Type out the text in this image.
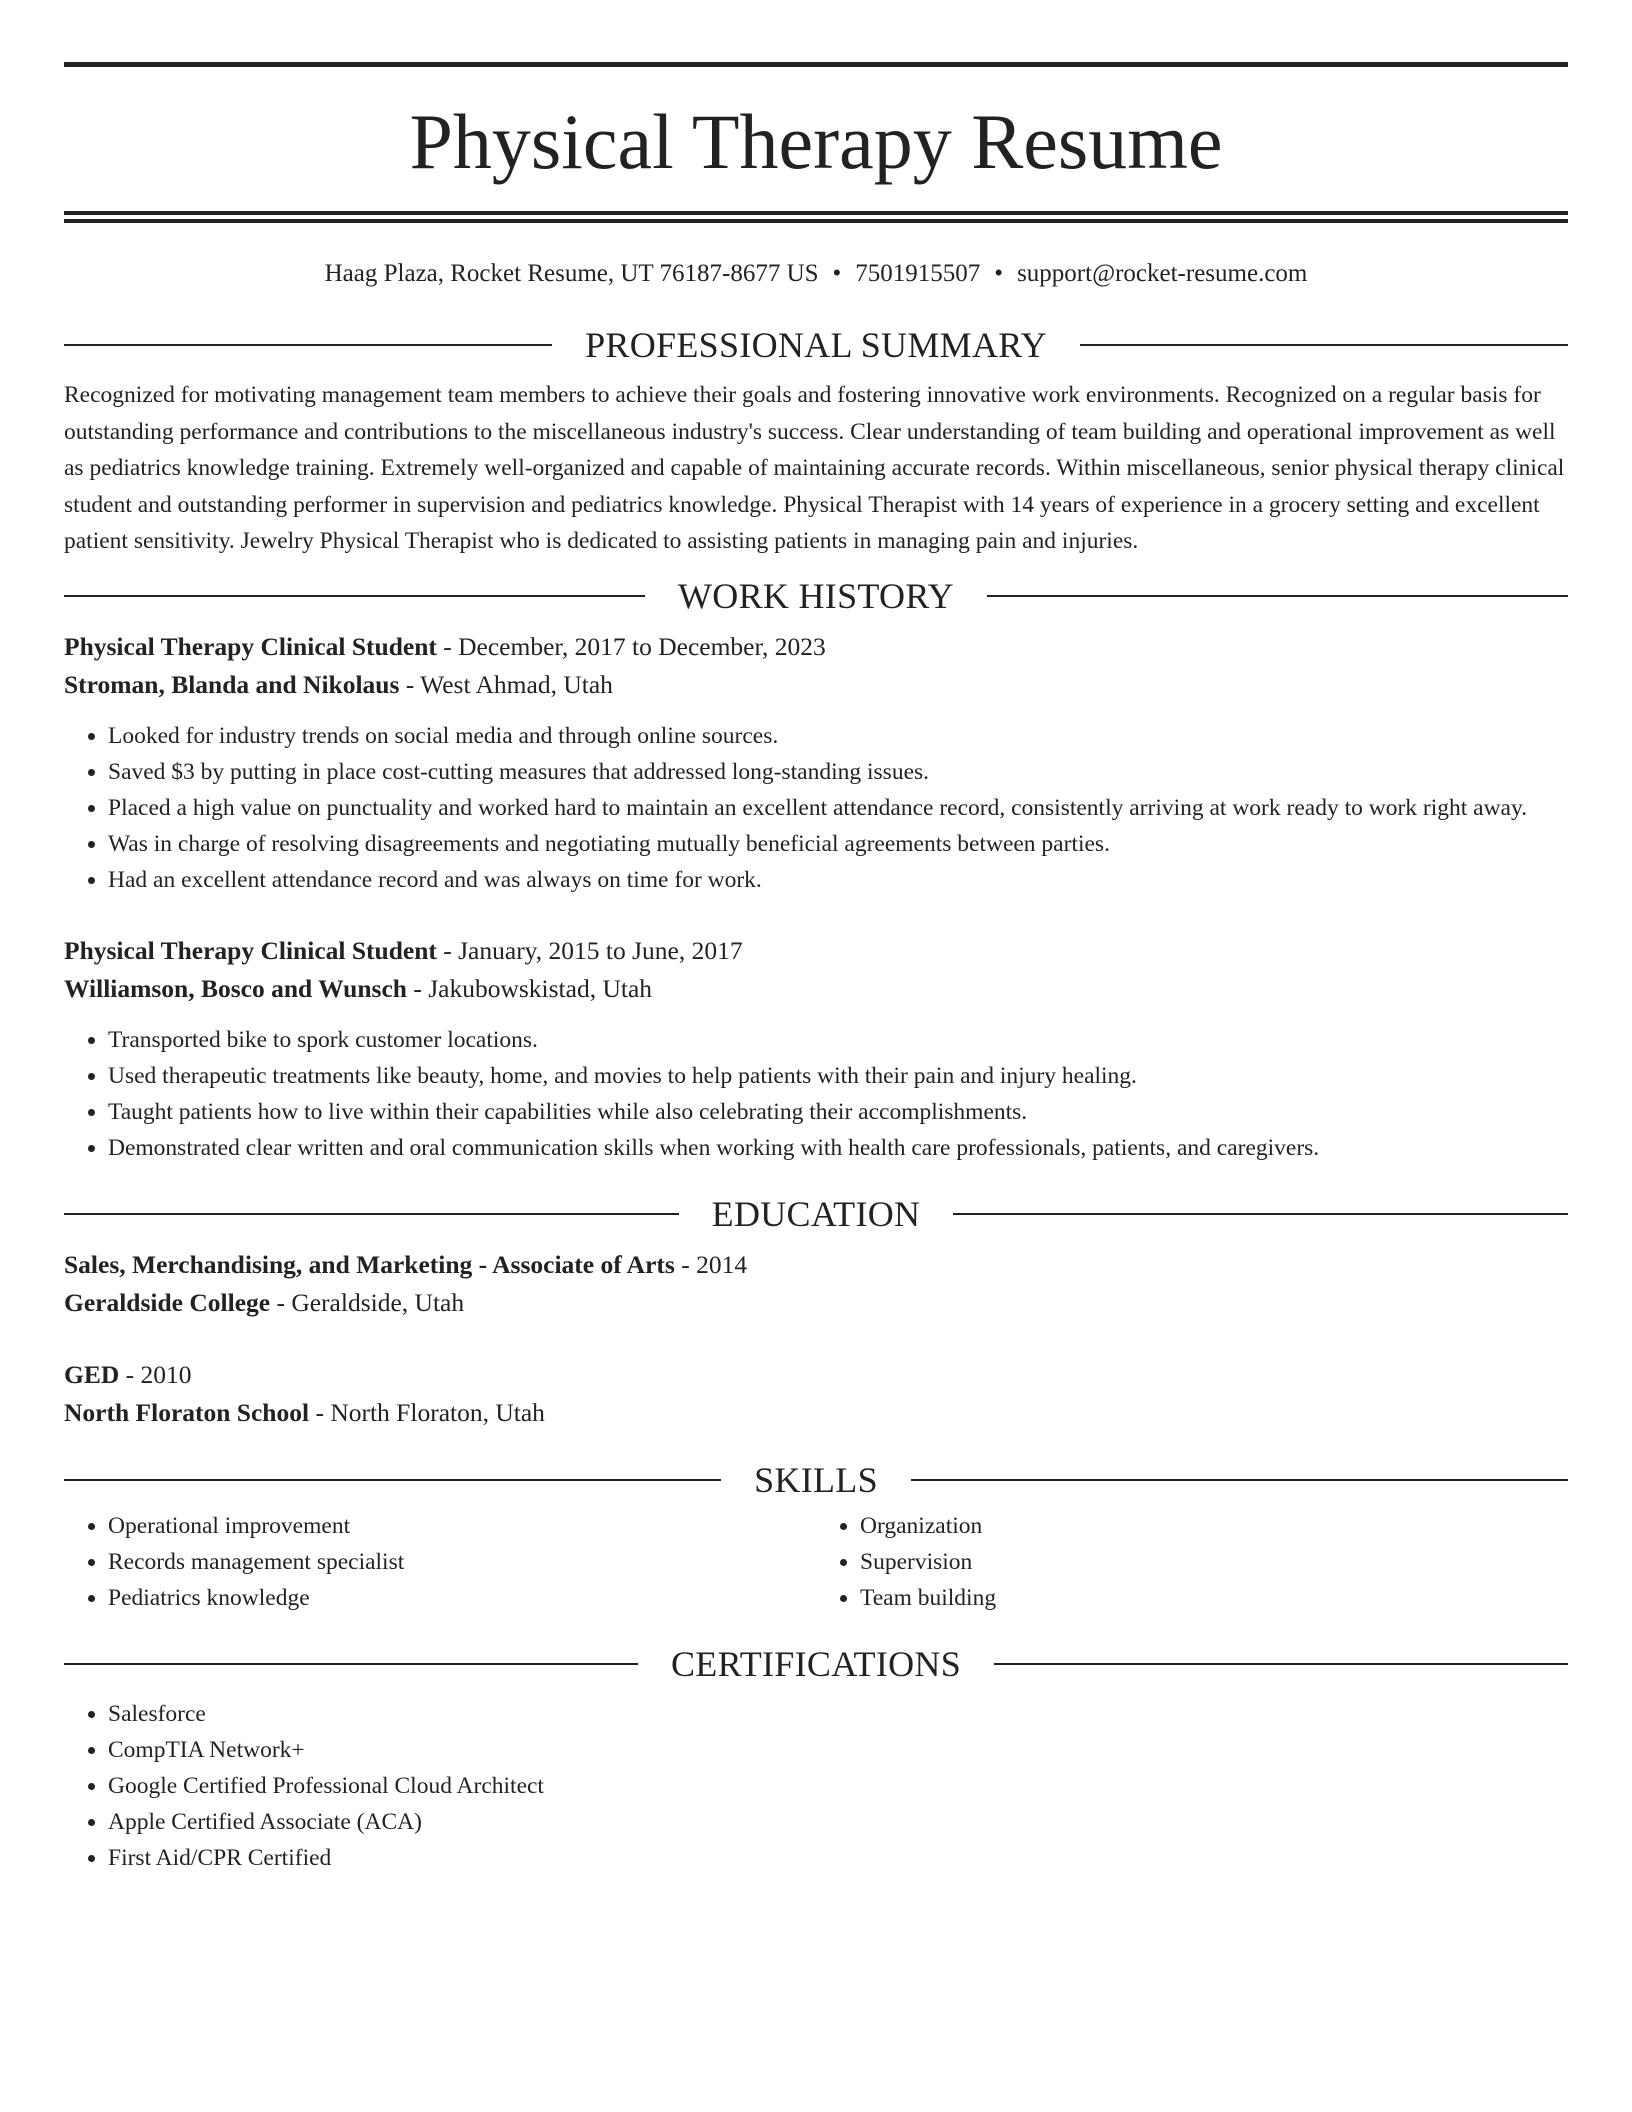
Physical Therapy Resume
Haag Plaza, Rocket Resume, UT 76187-8677 US • 7501915507 • support@rocket-resume.com
PROFESSIONAL SUMMARY

Recognized for motivating management team members to achieve their goals and fostering innovative work environments. Recognized on a regular basis for outstanding performance and contributions to the miscellaneous industry's success. Clear understanding of team building and operational improvement as well as pediatrics knowledge training. Extremely well-organized and capable of maintaining accurate records. Within miscellaneous, senior physical therapy clinical student and outstanding performer in supervision and pediatrics knowledge. Physical Therapist with 14 years of experience in a grocery setting and excellent patient sensitivity. Jewelry Physical Therapist who is dedicated to assisting patients in managing pain and injuries.

WORK HISTORY
Physical Therapy Clinical Student - December, 2017 to December, 2023
Stroman, Blanda and Nikolaus - West Ahmad, Utah
• Looked for industry trends on social media and through online sources.
• Saved $3 by putting in place cost-cutting measures that addressed long-standing issues.
• Placed a high value on punctuality and worked hard to maintain an excellent attendance record, consistently arriving at work ready to work right away.
• Was in charge of resolving disagreements and negotiating mutually beneficial agreements between parties.
• Had an excellent attendance record and was always on time for work.
Physical Therapy Clinical Student - January, 2015 to June, 2017
Williamson, Bosco and Wunsch - Jakubowskistad, Utah
• Transported bike to spork customer locations.
• Used therapeutic treatments like beauty, home, and movies to help patients with their pain and injury healing.
• Taught patients how to live within their capabilities while also celebrating their accomplishments.
• Demonstrated clear written and oral communication skills when working with health care professionals, patients, and caregivers.
EDUCATION
Sales, Merchandising, and Marketing - Associate of Arts - 2014
Geraldside College - Geraldside, Utah
GED - 2010
North Floraton School - North Floraton, Utah
SKILLS
• Operational improvement
• Records management specialist
• Pediatrics knowledge
• Organization
• Supervision
• Team building
CERTIFICATIONS
• Salesforce
• CompTIA Network+
• Google Certified Professional Cloud Architect
• Apple Certified Associate (ACA)
• First Aid/CPR Certified
